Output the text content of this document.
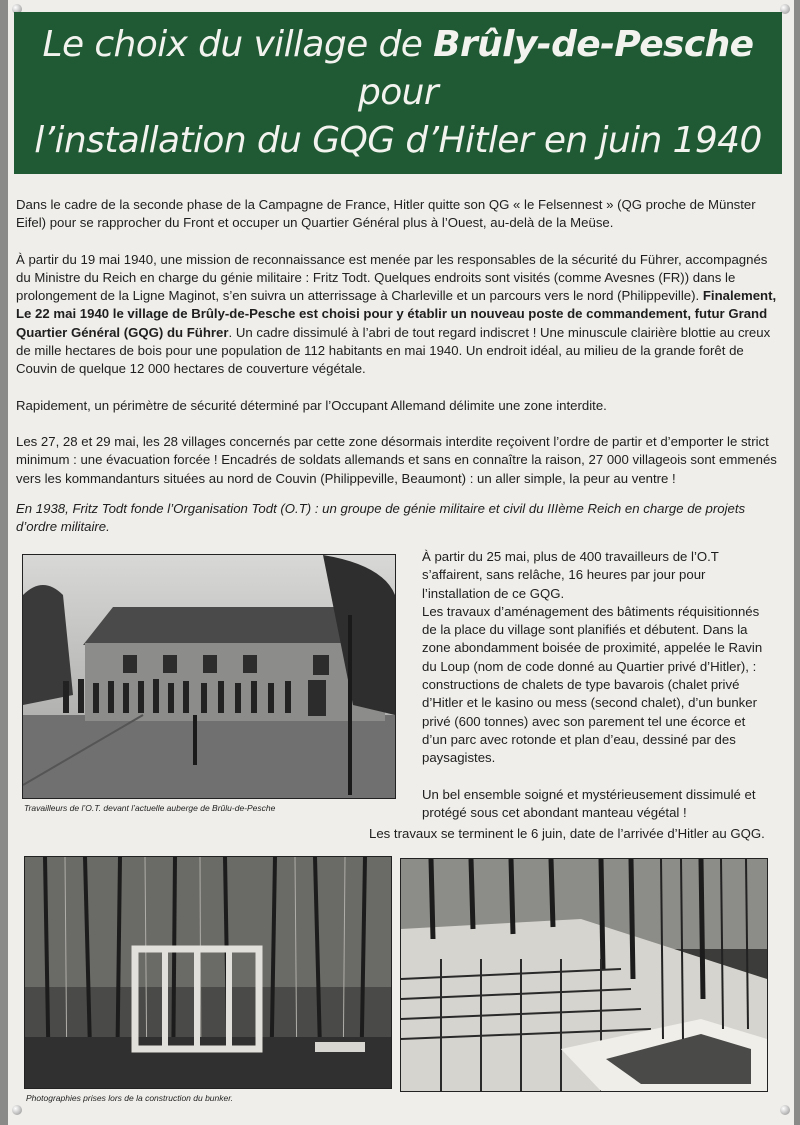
Le choix du village de Brûly-de-Pesche pour
l’installation du GQG d’Hitler en juin 1940

Dans le cadre de la seconde phase de la Campagne de France, Hitler quitte son QG « le Felsennest » (QG proche de Münster Eifel) pour se rapprocher du Front et occuper un Quartier Général plus à l’Ouest, au-delà de la Meüse.

À partir du 19 mai 1940, une mission de reconnaissance est menée par les responsables de la sécurité du Führer, accompagnés du Ministre du Reich en charge du génie militaire : Fritz Todt. Quelques endroits sont visités (comme Avesnes (FR)) dans le prolongement de la Ligne Maginot, s’en suivra un atterrissage à Charleville et un parcours vers le nord (Philippeville). Finalement, Le 22 mai 1940 le village de Brûly-de-Pesche est choisi pour y établir un nouveau poste de commandement, futur Grand Quartier Général (GQG) du Führer. Un cadre dissimulé à l’abri de tout regard indiscret ! Une minuscule clairière blottie au creux de mille hectares de bois pour une population de 112 habitants en mai 1940. Un endroit idéal, au milieu de la grande forêt de Couvin de quelque 12 000 hectares de couverture végétale.

Rapidement, un périmètre de sécurité déterminé par l’Occupant Allemand délimite une zone interdite.

Les 27, 28 et 29 mai, les 28 villages concernés par cette zone désormais interdite reçoivent l’ordre de partir et d’emporter le strict minimum : une évacuation forcée ! Encadrés de soldats allemands et sans en connaître la raison, 27 000 villageois sont emmenés vers les kommandanturs situées au nord de Couvin (Philippeville, Beaumont) : un aller simple, la peur au ventre !

En 1938, Fritz Todt fonde l’Organisation Todt (O.T) : un groupe de génie militaire et civil du IIIème Reich en charge de projets d’ordre militaire.

Travailleurs de l’O.T. devant l’actuelle auberge de Brûlu-de-Pesche

À partir du 25 mai, plus de 400 travailleurs de l’O.T s’affairent, sans relâche, 16 heures par jour pour l’installation de ce GQG.

Les travaux d’aménagement des bâtiments réquisitionnés de la place du village sont planifiés et débutent. Dans la zone abondamment boisée de proximité, appelée le Ravin du Loup (nom de code donné au Quartier privé d’Hitler), : constructions de chalets de type bavarois (chalet privé d’Hitler et le kasino ou mess (second chalet), d’un bunker privé (600 tonnes) avec son parement tel une écorce et d’un parc avec rotonde et plan d’eau, dessiné par des paysagistes.

Un bel ensemble soigné et mystérieusement dissimulé et protégé sous cet abondant manteau végétal !

Les travaux se terminent le 6 juin, date de l’arrivée d’Hitler au GQG.
Photographies prises lors de la construction du bunker.
